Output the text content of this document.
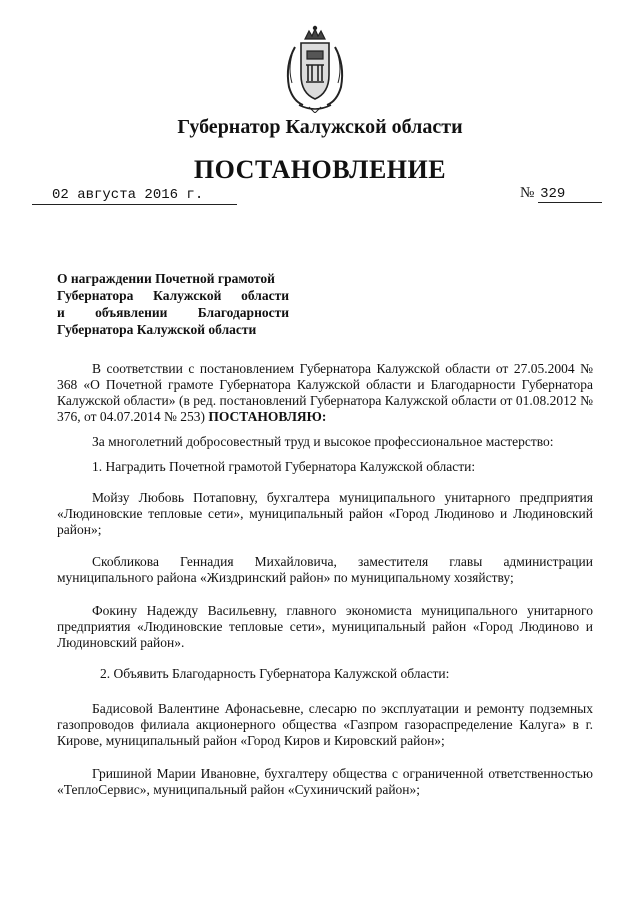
Губернатор Калужской области
ПОСТАНОВЛЕНИЕ
02 августа 2016 г.	№ 329
О награждении Почетной грамотой
Губернатора Калужской области
и объявлении Благодарности
Губернатора Калужской области

В соответствии с постановлением Губернатора Калужской области от 27.05.2004 № 368 «О Почетной грамоте Губернатора Калужской области и Благодарности Губернатора Калужской области» (в ред. постановлений Губернатора Калужской области от 01.08.2012 № 376, от 04.07.2014 № 253) ПОСТАНОВЛЯЮ:

За многолетний добросовестный труд и высокое профессиональное мастерство:
1. Наградить Почетной грамотой Губернатора Калужской области:

Мойзу Любовь Потаповну, бухгалтера муниципального унитарного предприятия «Людиновские тепловые сети», муниципальный район «Город Людиново и Людиновский район»;

Скобликова Геннадия Михайловича, заместителя главы администрации муниципального района «Жиздринский район» по муниципальному хозяйству;

Фокину Надежду Васильевну, главного экономиста муниципального унитарного предприятия «Людиновские тепловые сети», муниципальный район «Город Людиново и Людиновский район».

2. Объявить Благодарность Губернатора Калужской области:

Бадисовой Валентине Афонасьевне, слесарю по эксплуатации и ремонту подземных газопроводов филиала акционерного общества «Газпром газораспределение Калуга» в г. Кирове, муниципальный район «Город Киров и Кировский район»;

Гришиной Марии Ивановне, бухгалтеру общества с ограниченной ответственностью «ТеплоСервис», муниципальный район «Сухиничский район»;
